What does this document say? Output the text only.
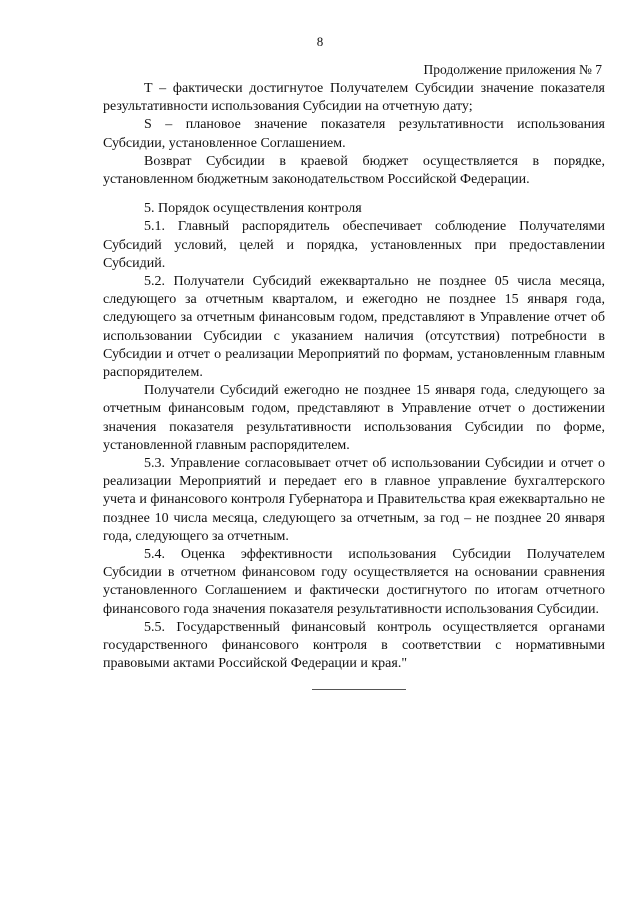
8
Продолжение приложения № 7

T – фактически достигнутое Получателем Субсидии значение показателя результативности использования Субсидии на отчетную дату;

S – плановое значение показателя результативности использования Субсидии, установленное Соглашением.

Возврат Субсидии в краевой бюджет осуществляется в порядке, установленном бюджетным законодательством Российской Федерации.

5. Порядок осуществления контроля

5.1. Главный распорядитель обеспечивает соблюдение Получателями Субсидий условий, целей и порядка, установленных при предоставлении Субсидий.

5.2. Получатели Субсидий ежеквартально не позднее 05 числа месяца, следующего за отчетным кварталом, и ежегодно не позднее 15 января года, следующего за отчетным финансовым годом, представляют в Управление отчет об использовании Субсидии с указанием наличия (отсутствия) потребности в Субсидии и отчет о реализации Мероприятий по формам, установленным главным распорядителем.

Получатели Субсидий ежегодно не позднее 15 января года, следующего за отчетным финансовым годом, представляют в Управление отчет о достижении значения показателя результативности использования Субсидии по форме, установленной главным распорядителем.

5.3. Управление согласовывает отчет об использовании Субсидии и отчет о реализации Мероприятий и передает его в главное управление бухгалтерского учета и финансового контроля Губернатора и Правительства края ежеквартально не позднее 10 числа месяца, следующего за отчетным, за год – не позднее 20 января года, следующего за отчетным.

5.4. Оценка эффективности использования Субсидии Получателем Субсидии в отчетном финансовом году осуществляется на основании сравнения установленного Соглашением и фактически достигнутого по итогам отчетного финансового года значения показателя результативности использования Субсидии.

5.5. Государственный финансовый контроль осуществляется органами государственного финансового контроля в соответствии с нормативными правовыми актами Российской Федерации и края."
